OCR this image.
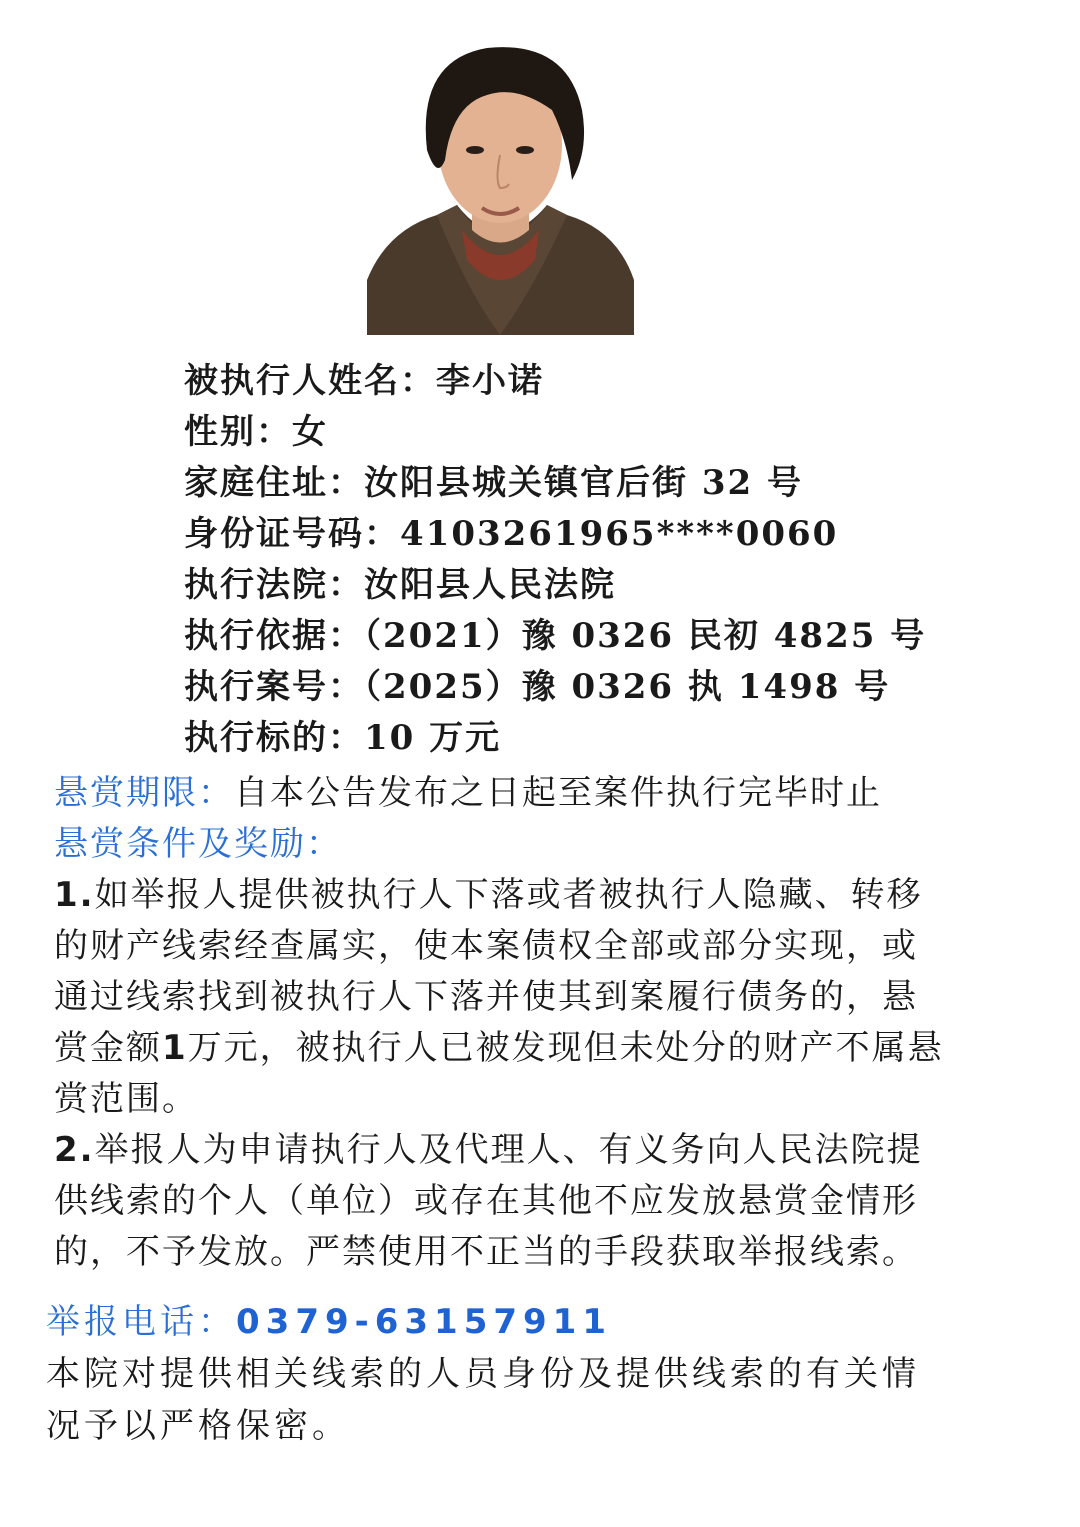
被执行人姓名：李小诺
性别：女
家庭住址：汝阳县城关镇官后街 32 号
身份证号码：4103261965****0060
执行法院：汝阳县人民法院
执行依据：（2021）豫 0326 民初 4825 号
执行案号：（2025）豫 0326 执 1498 号
执行标的：10 万元
悬赏期限：自本公告发布之日起至案件执行完毕时止
悬赏条件及奖励：
1.如举报人提供被执行人下落或者被执行人隐藏、转移
的财产线索经查属实，使本案债权全部或部分实现，或
通过线索找到被执行人下落并使其到案履行债务的，悬
赏金额1万元，被执行人已被发现但未处分的财产不属悬
赏范围。
2.举报人为申请执行人及代理人、有义务向人民法院提
供线索的个人（单位）或存在其他不应发放悬赏金情形
的，不予发放。严禁使用不正当的手段获取举报线索。
举报电话：0379-63157911
本院对提供相关线索的人员身份及提供线索的有关情
况予以严格保密。
